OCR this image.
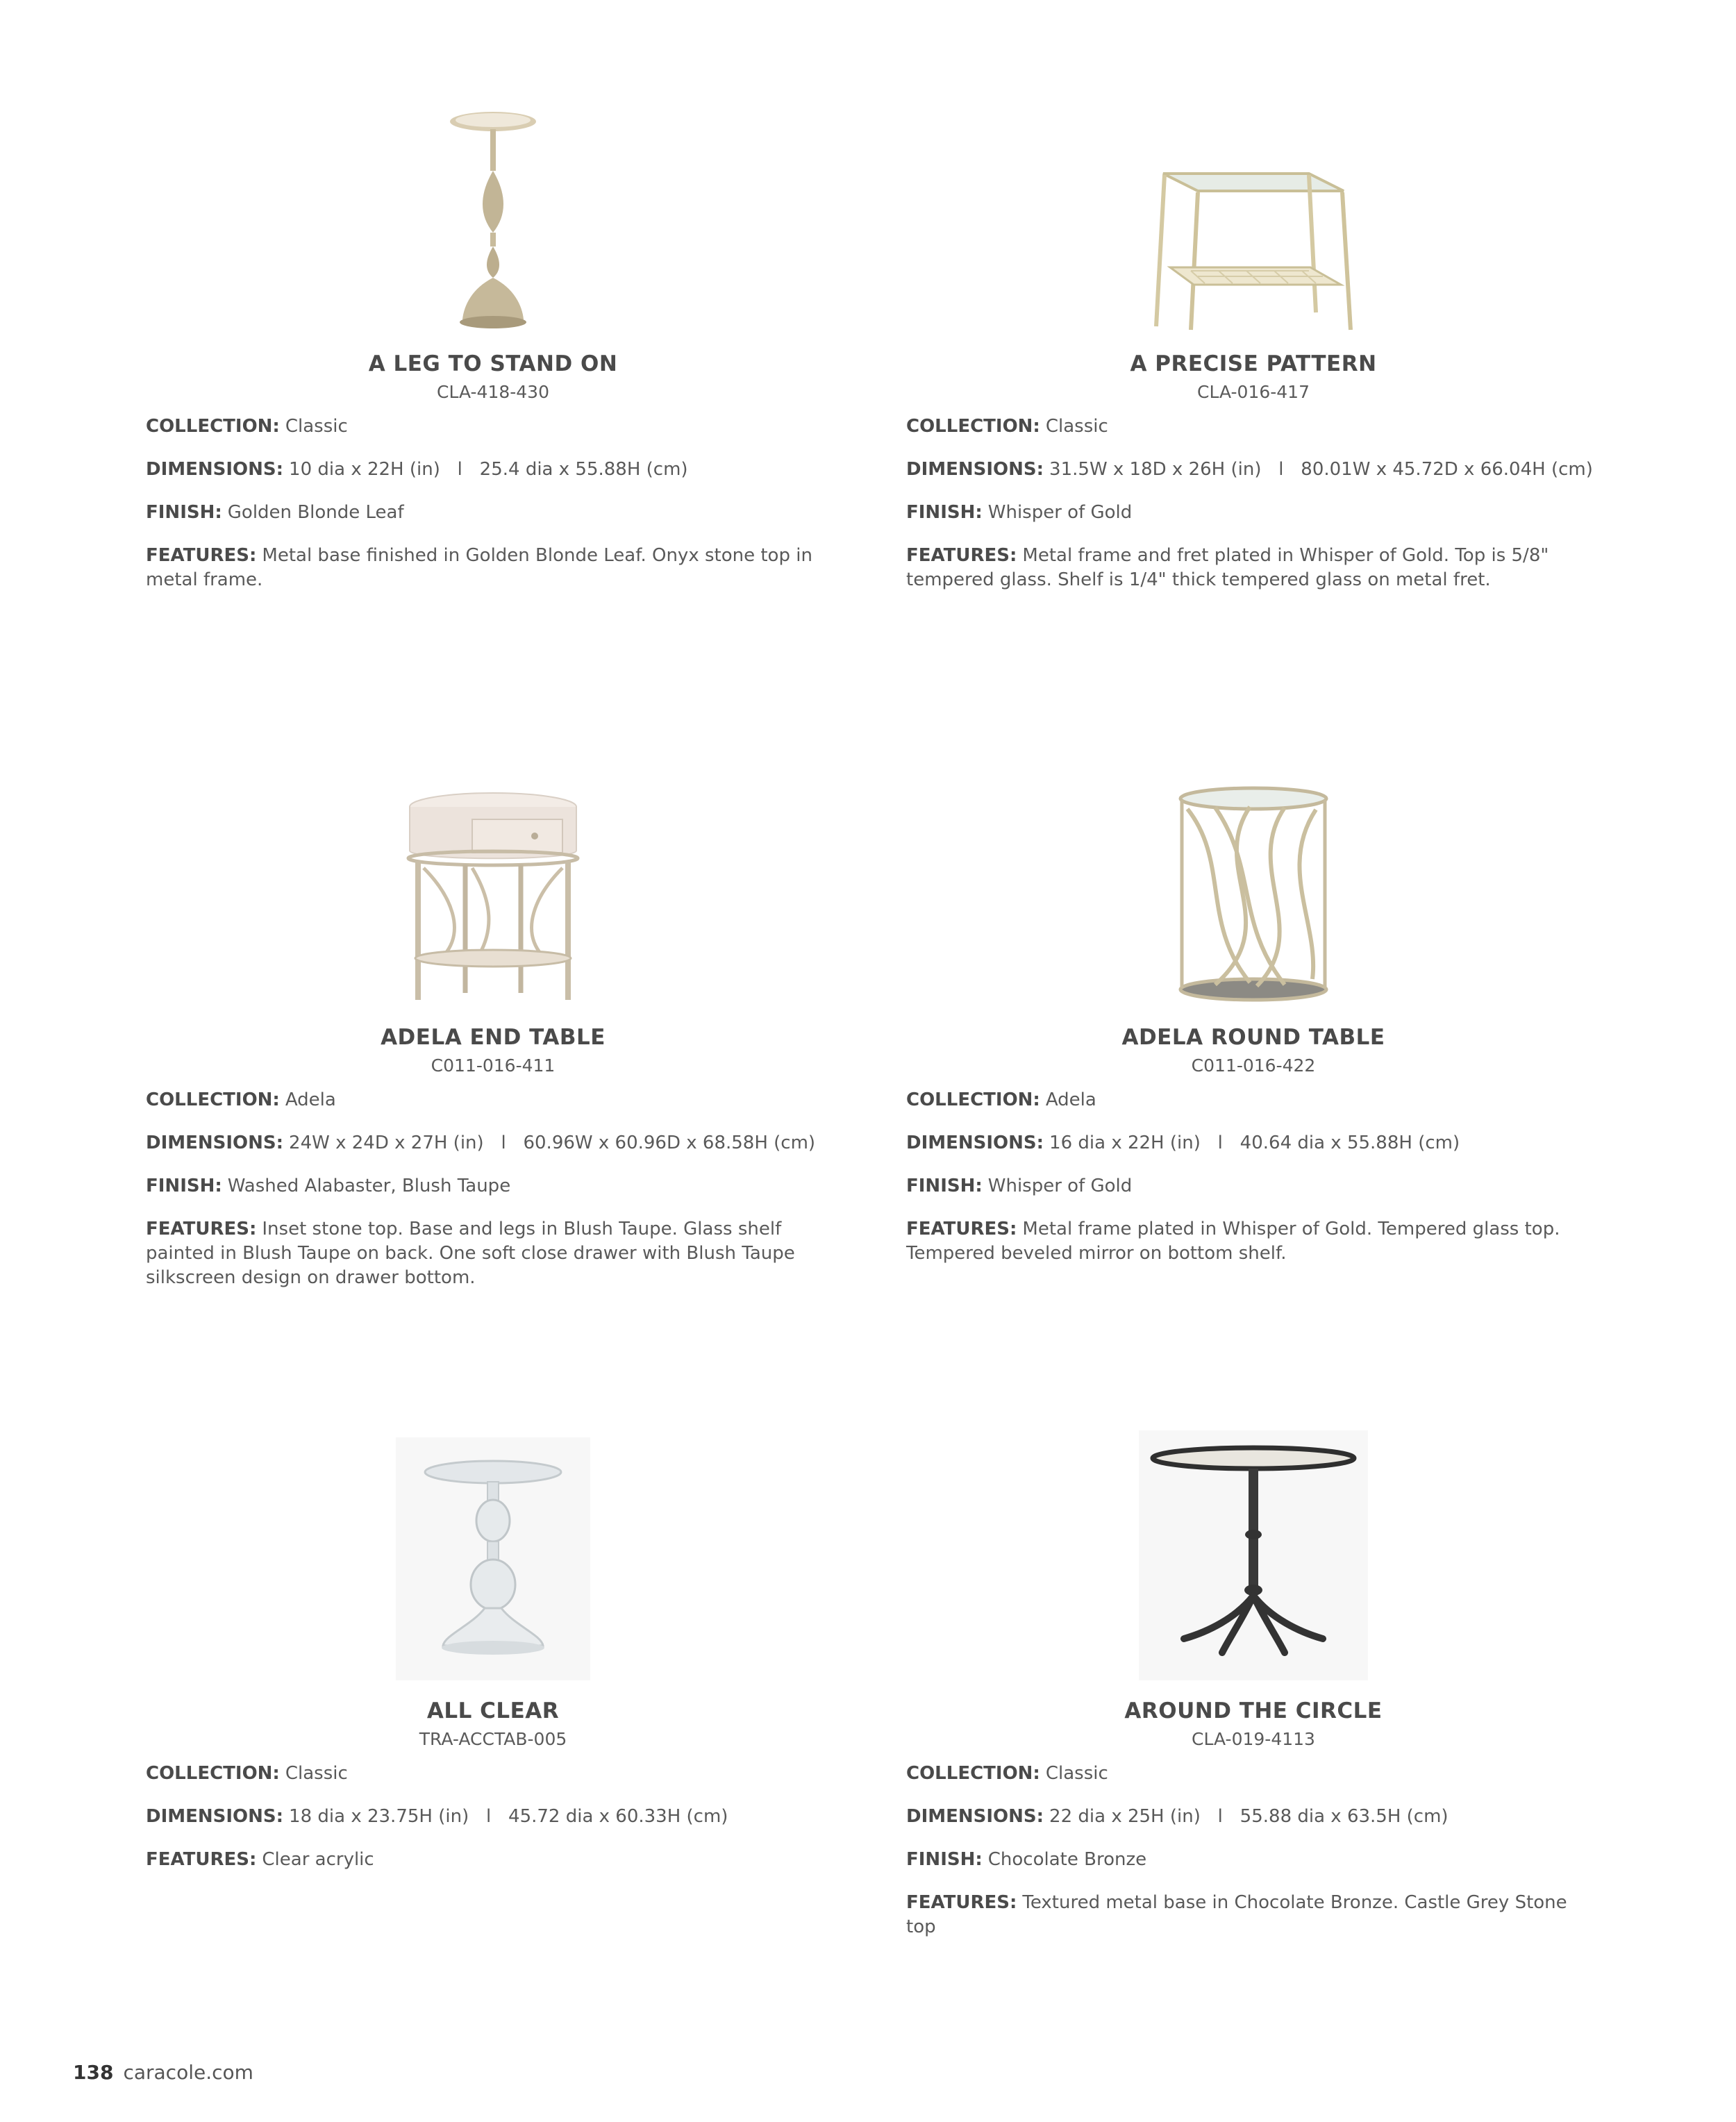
A LEG TO STAND ON
CLA-418-430
COLLECTION: Classic
DIMENSIONS: 10 dia x 22H (in)   l   25.4 dia x 55.88H (cm)
FINISH: Golden Blonde Leaf
FEATURES: Metal base finished in Golden Blonde Leaf. Onyx stone top in metal frame.
A PRECISE PATTERN
CLA-016-417
COLLECTION: Classic
DIMENSIONS: 31.5W x 18D x 26H (in)   l   80.01W x 45.72D x 66.04H (cm)
FINISH: Whisper of Gold
FEATURES: Metal frame and fret plated in Whisper of Gold. Top is 5/8" tempered glass. Shelf is 1/4" thick tempered glass on metal fret.
ADELA END TABLE
C011-016-411
COLLECTION: Adela
DIMENSIONS: 24W x 24D x 27H (in)   l   60.96W x 60.96D x 68.58H (cm)
FINISH: Washed Alabaster, Blush Taupe
FEATURES: Inset stone top. Base and legs in Blush Taupe. Glass shelf painted in Blush Taupe on back. One soft close drawer with Blush Taupe silkscreen design on drawer bottom.
ADELA ROUND TABLE
C011-016-422
COLLECTION: Adela
DIMENSIONS: 16 dia x 22H (in)   l   40.64 dia x 55.88H (cm)
FINISH: Whisper of Gold
FEATURES: Metal frame plated in Whisper of Gold. Tempered glass top. Tempered beveled mirror on bottom shelf.
ALL CLEAR
TRA-ACCTAB-005
COLLECTION: Classic
DIMENSIONS: 18 dia x 23.75H (in)   l   45.72 dia x 60.33H (cm)
FEATURES: Clear acrylic
AROUND THE CIRCLE
CLA-019-4113
COLLECTION: Classic
DIMENSIONS: 22 dia x 25H (in)   l   55.88 dia x 63.5H (cm)
FINISH: Chocolate Bronze
FEATURES: Textured metal base in Chocolate Bronze. Castle Grey Stone top
138 caracole.com
